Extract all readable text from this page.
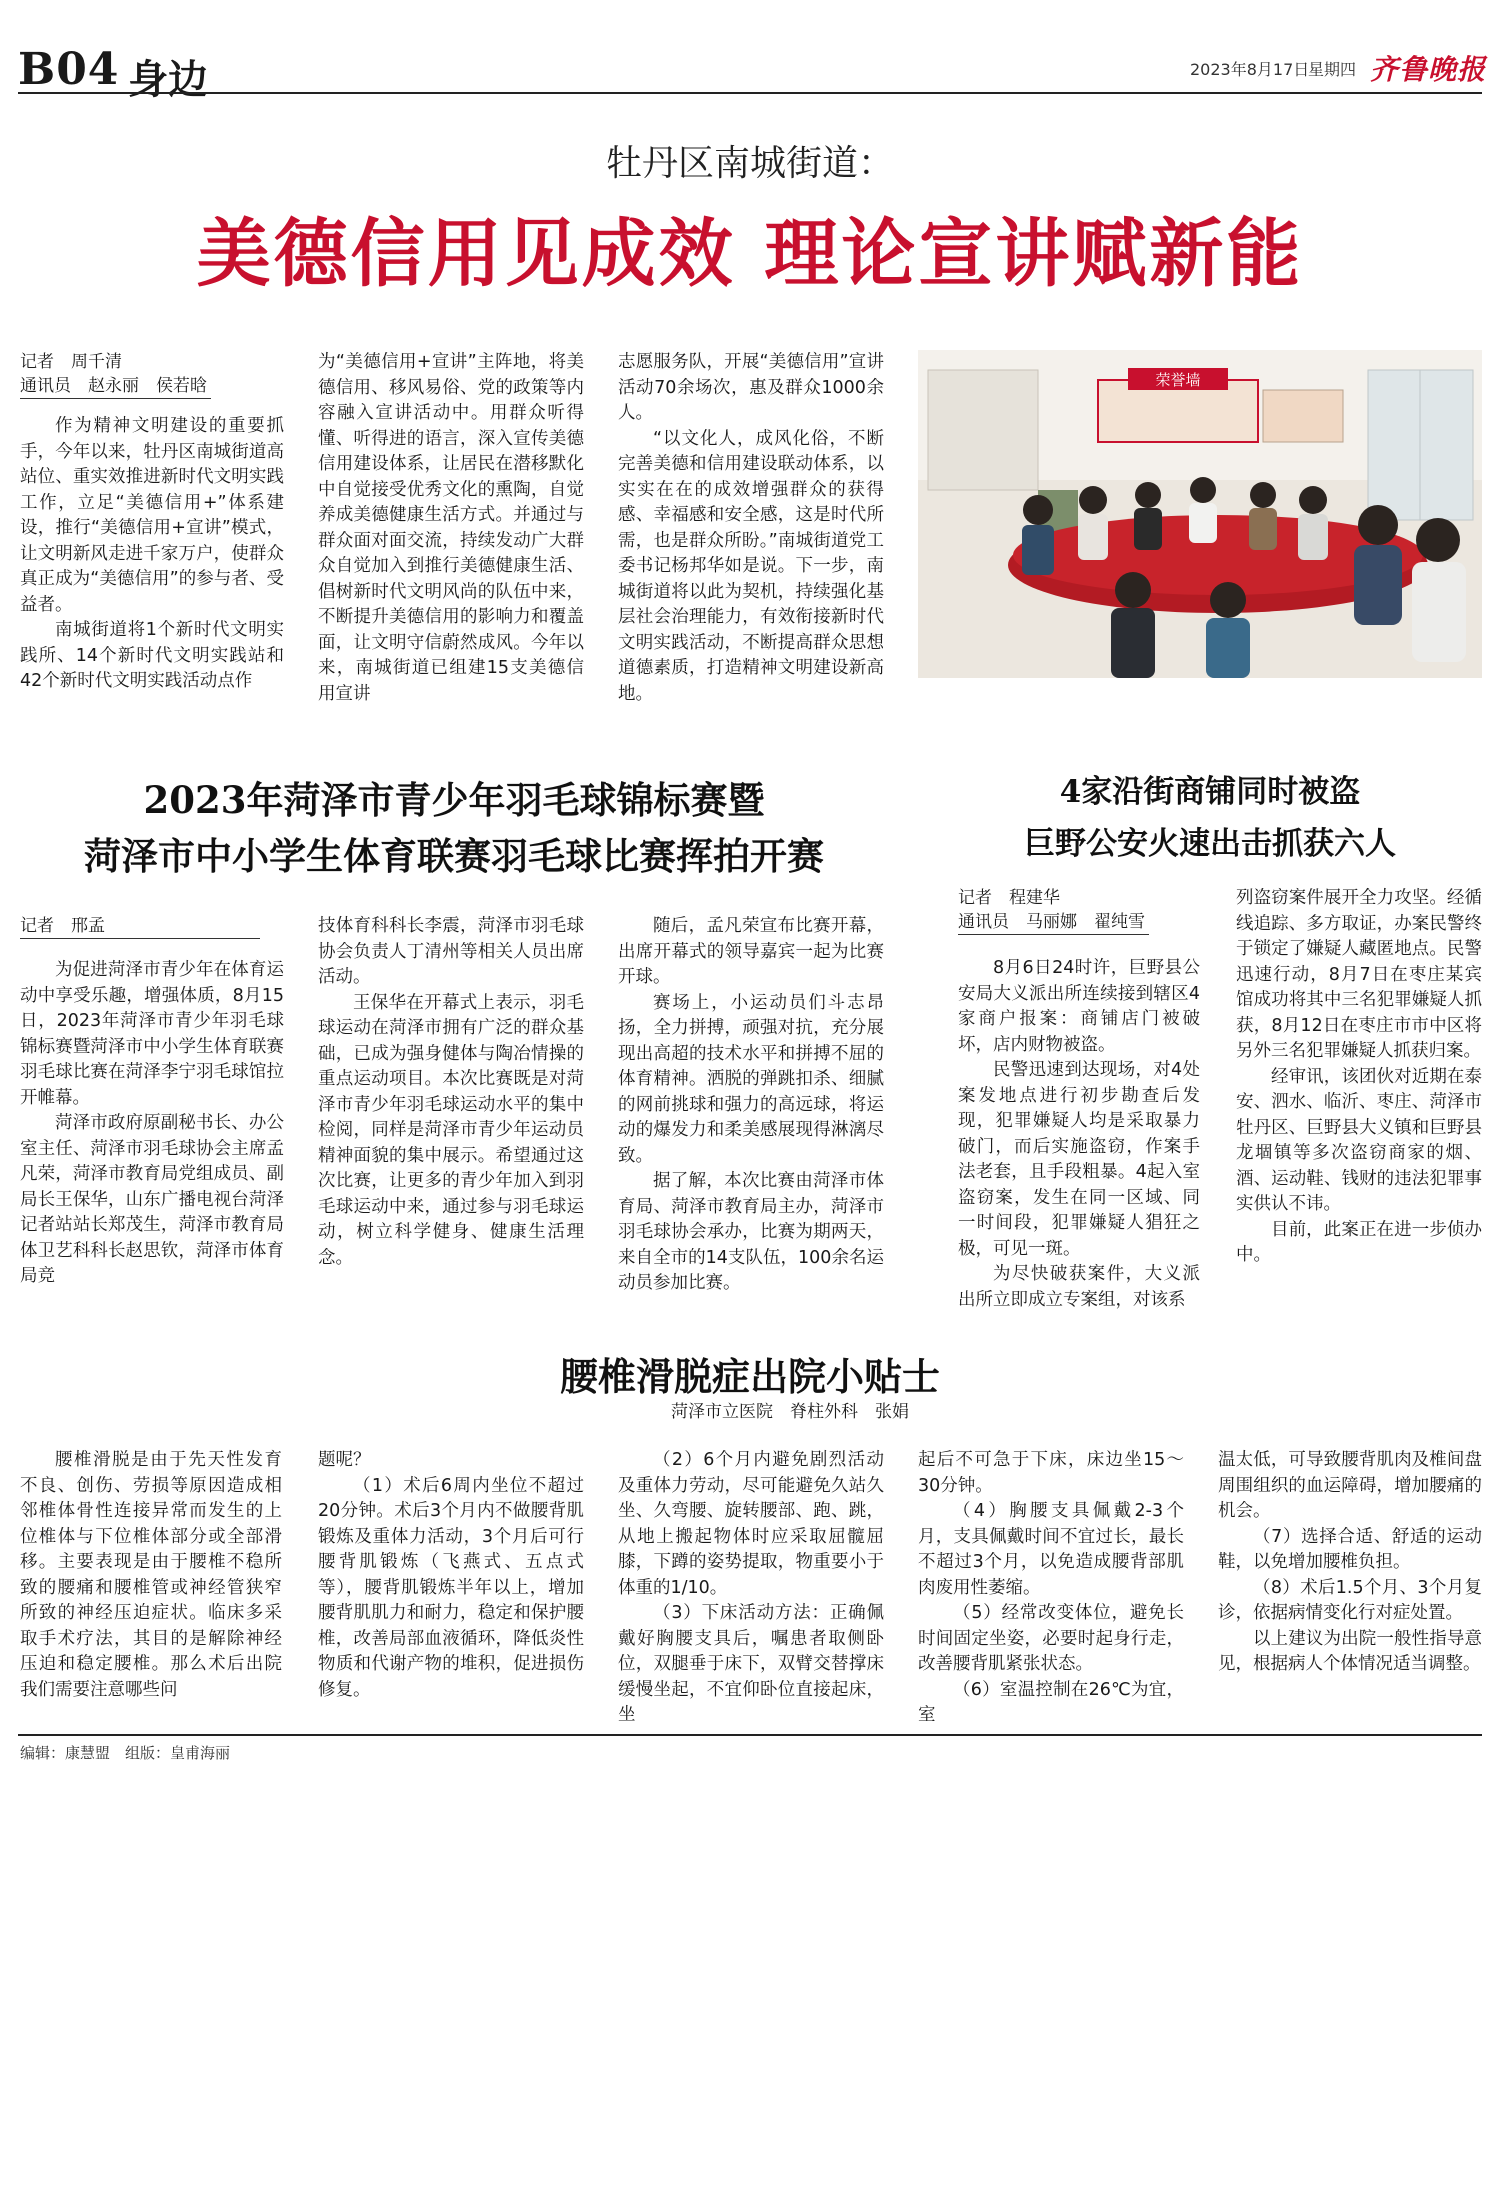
B04 身边	2023年8月17日
星期四 齐鲁晚报
牡丹区南城街道：
美德信用见成效 理论宣讲赋新能
记者　周千清
通讯员　赵永丽　侯若晗

作为精神文明建设的重要抓手，今年以来，牡丹区南城街道高站位、重实效推进新时代文明实践工作，立足“美德信用+”体系建设，推行“美德信用+宣讲”模式，让文明新风走进千家万户，使群众真正成为“美德信用”的参与者、受益者。

南城街道将1个新时代文明实践所、14个新时代文明实践站和42个新时代文明实践活动点作

为“美德信用+宣讲”主阵地，将美德信用、移风易俗、党的政策等内容融入宣讲活动中。用群众听得懂、听得进的语言，深入宣传美德信用建设体系，让居民在潜移默化中自觉接受优秀文化的熏陶，自觉养成美德健康生活方式。并通过与群众面对面交流，持续发动广大群众自觉加入到推行美德健康生活、倡树新时代文明风尚的队伍中来，不断提升美德信用的影响力和覆盖面，让文明守信蔚然成风。今年以来，南城街道已组建15支美德信用宣讲

志愿服务队，开展“美德信用”宣讲活动70余场次，惠及群众1000余人。

“以文化人，成风化俗，不断完善美德和信用建设联动体系，以实实在在的成效增强群众的获得感、幸福感和安全感，这是时代所需，也是群众所盼。”南城街道党工委书记杨邦华如是说。下一步，南城街道将以此为契机，持续强化基层社会治理能力，有效衔接新时代文明实践活动，不断提高群众思想道德素质，打造精神文明建设新高地。

荣誉墙
2023年菏泽市青少年羽毛球锦标赛暨
菏泽市中小学生体育联赛羽毛球比赛挥拍开赛
记者　邢孟

为促进菏泽市青少年在体育运动中享受乐趣，增强体质，8月15日，2023年菏泽市青少年羽毛球锦标赛暨菏泽市中小学生体育联赛羽毛球比赛在菏泽李宁羽毛球馆拉开帷幕。

菏泽市政府原副秘书长、办公室主任、菏泽市羽毛球协会主席孟凡荣，菏泽市教育局党组成员、副局长王保华，山东广播电视台菏泽记者站站长郑茂生，菏泽市教育局体卫艺科科长赵思钦，菏泽市体育局竞

技体育科科长李震，菏泽市羽毛球协会负责人丁清州等相关人员出席活动。

王保华在开幕式上表示，羽毛球运动在菏泽市拥有广泛的群众基础，已成为强身健体与陶冶情操的重点运动项目。本次比赛既是对菏泽市青少年羽毛球运动水平的集中检阅，同样是菏泽市青少年运动员精神面貌的集中展示。希望通过这次比赛，让更多的青少年加入到羽毛球运动中来，通过参与羽毛球运动，树立科学健身、健康生活理念。

随后，孟凡荣宣布比赛开幕，出席开幕式的领导嘉宾一起为比赛开球。

赛场上，小运动员们斗志昂扬，全力拼搏，顽强对抗，充分展现出高超的技术水平和拼搏不屈的体育精神。洒脱的弹跳扣杀、细腻的网前挑球和强力的高远球，将运动的爆发力和柔美感展现得淋漓尽致。

据了解，本次比赛由菏泽市体育局、菏泽市教育局主办，菏泽市羽毛球协会承办，比赛为期两天，来自全市的14支队伍，100余名运动员参加比赛。

4家沿街商铺同时被盗
巨野公安火速出击抓获六人
记者　程建华
通讯员　马丽娜　翟纯雪

8月6日24时许，巨野县公安局大义派出所连续接到辖区4家商户报案：商铺店门被破坏，店内财物被盗。

民警迅速到达现场，对4处案发地点进行初步勘查后发现，犯罪嫌疑人均是采取暴力破门，而后实施盗窃，作案手法老套，且手段粗暴。4起入室盗窃案，发生在同一区域、同一时间段，犯罪嫌疑人猖狂之极，可见一斑。

为尽快破获案件，大义派出所立即成立专案组，对该系

列盗窃案件展开全力攻坚。经循线追踪、多方取证，办案民警终于锁定了嫌疑人藏匿地点。民警迅速行动，8月7日在枣庄某宾馆成功将其中三名犯罪嫌疑人抓获，8月12日在枣庄市市中区将另外三名犯罪嫌疑人抓获归案。

经审讯，该团伙对近期在泰安、泗水、临沂、枣庄、菏泽市牡丹区、巨野县大义镇和巨野县龙堌镇等多次盗窃商家的烟、酒、运动鞋、钱财的违法犯罪事实供认不讳。

目前，此案正在进一步侦办中。

腰椎滑脱症出院小贴士
菏泽市立医院　脊柱外科　张娟

腰椎滑脱是由于先天性发育不良、创伤、劳损等原因造成相邻椎体骨性连接异常而发生的上位椎体与下位椎体部分或全部滑移。主要表现是由于腰椎不稳所致的腰痛和腰椎管或神经管狭窄所致的神经压迫症状。临床多采取手术疗法，其目的是解除神经压迫和稳定腰椎。那么术后出院我们需要注意哪些问

题呢？

（1）术后6周内坐位不超过20分钟。术后3个月内不做腰背肌锻炼及重体力活动，3个月后可行腰背肌锻炼（飞燕式、五点式等），腰背肌锻炼半年以上，增加腰背肌肌力和耐力，稳定和保护腰椎，改善局部血液循环，降低炎性物质和代谢产物的堆积，促进损伤修复。

（2）6个月内避免剧烈活动及重体力劳动，尽可能避免久站久坐、久弯腰、旋转腰部、跑、跳，从地上搬起物体时应采取屈髋屈膝，下蹲的姿势提取，物重要小于体重的1/10。

（3）下床活动方法：正确佩戴好胸腰支具后，嘱患者取侧卧位，双腿垂于床下，双臂交替撑床缓慢坐起，不宜仰卧位直接起床，坐

起后不可急于下床，床边坐15～30分钟。

（4）胸腰支具佩戴2-3个月，支具佩戴时间不宜过长，最长不超过3个月，以免造成腰背部肌肉废用性萎缩。

（5）经常改变体位，避免长时间固定坐姿，必要时起身行走，改善腰背肌紧张状态。

（6）室温控制在26℃为宜，室

温太低，可导致腰背肌肉及椎间盘周围组织的血运障碍，增加腰痛的机会。

（7）选择合适、舒适的运动鞋，以免增加腰椎负担。

（8）术后1.5个月、3个月复诊，依据病情变化行对症处置。

以上建议为出院一般性指导意见，根据病人个体情况适当调整。

编辑：康慧盟　组版：皇甫海丽
